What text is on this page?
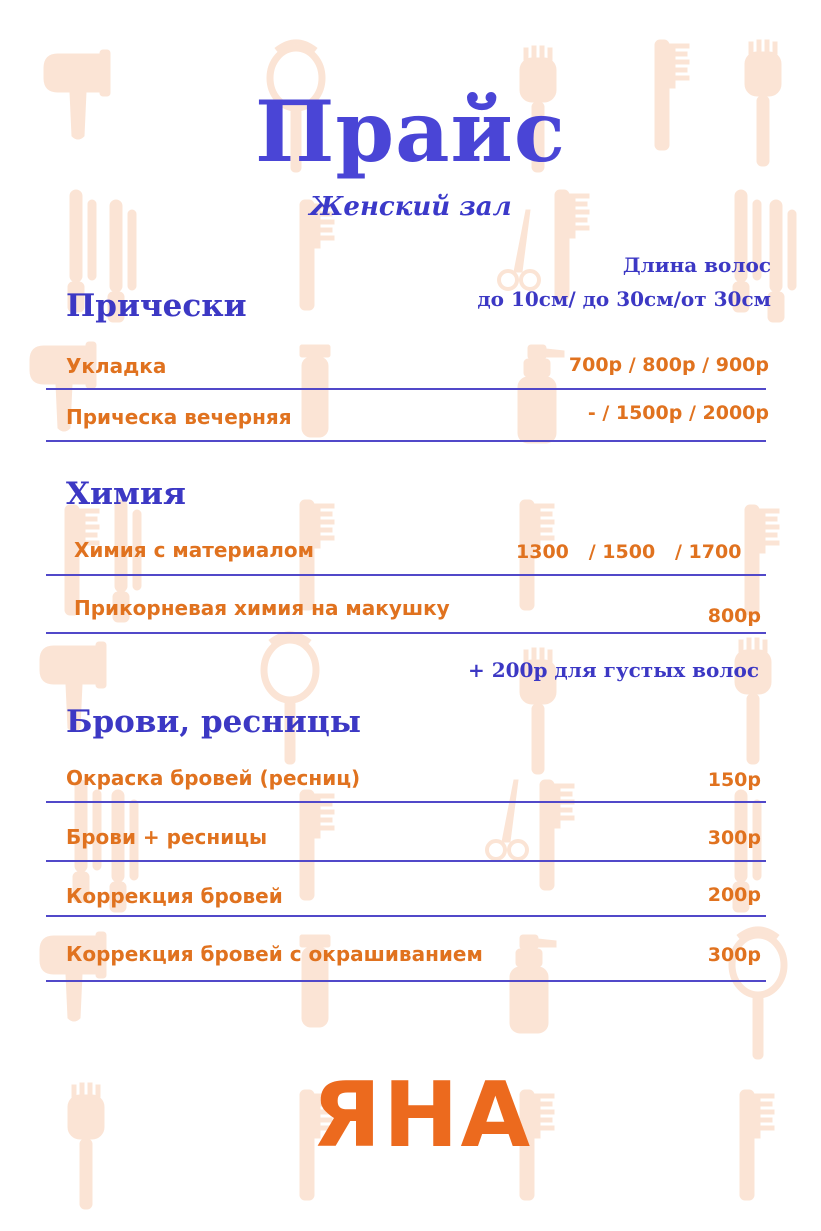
Прайс
Женский зал
Длина волос
до 10см/ до 30см/от 30см
Прически
Укладка	700р / 800р / 900р
Прическа вечерняя	- / 1500р / 2000р
Химия
Химия с материалом	1300   / 1500   / 1700
Прикорневая химия на макушку	800р
+ 200р для густых волос
Брови, ресницы
Окраска бровей (ресниц)	150р
Брови + ресницы	300р
Коррекция бровей	200р
Коррекция бровей с окрашиванием	300р
ЯНА
